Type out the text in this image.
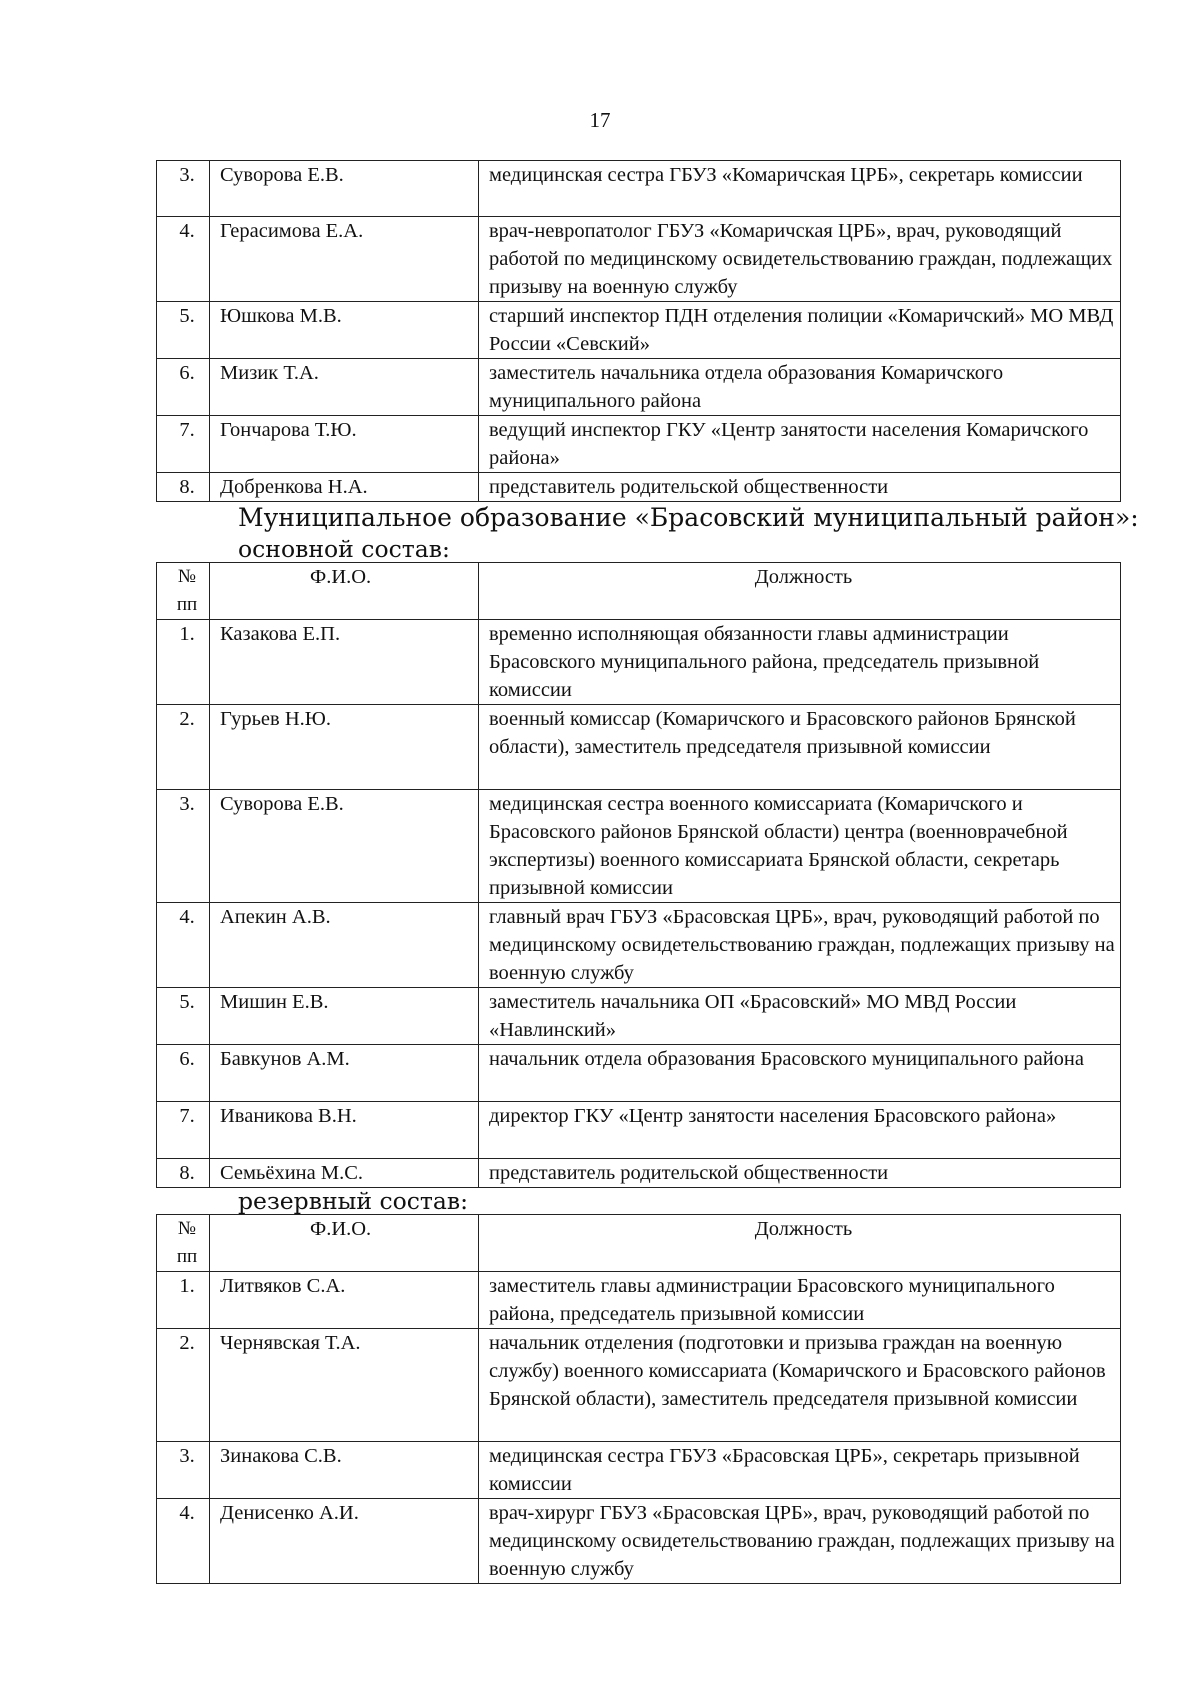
17
3.	Суворова Е.В.	медицинская сестра ГБУЗ «Комаричская ЦРБ», секретарь комиссии
4.	Герасимова Е.А.	врач-невропатолог ГБУЗ «Комаричская ЦРБ», врач, руководящий работой по медицинскому освидетельствованию граждан, подлежащих призыву на военную службу
5.	Юшкова М.В.	старший инспектор ПДН отделения полиции «Комаричский» МО МВД России «Севский»
6.	Мизик Т.А.	заместитель начальника отдела образования Комаричского муниципального района
7.	Гончарова Т.Ю.	ведущий инспектор ГКУ «Центр занятости населения Комаричского района»
8.	Добренкова Н.А.	представитель родительской общественности
Муниципальное образование «Брасовский муниципальный район»:
основной состав:
№
пп	Ф.И.О.	Должность
1.	Казакова Е.П.	временно исполняющая обязанности главы администрации Брасовского муниципального района, председатель призывной комиссии
2.	Гурьев Н.Ю.	военный комиссар (Комаричского и Брасовского районов Брянской области), заместитель председателя призывной комиссии
3.	Суворова Е.В.	медицинская сестра военного комиссариата (Комаричского и Брасовского районов Брянской области) центра (военноврачебной экспертизы) военного комиссариата Брянской области, секретарь призывной комиссии
4.	Апекин А.В.	главный врач ГБУЗ «Брасовская ЦРБ», врач, руководящий работой по медицинскому освидетельствованию граждан, подлежащих призыву на военную службу
5.	Мишин Е.В.	заместитель начальника ОП «Брасовский» МО МВД России «Навлинский»
6.	Бавкунов А.М.	начальник отдела образования Брасовского муниципального района
7.	Иваникова В.Н.	директор ГКУ «Центр занятости населения Брасовского района»
8.	Семьёхина М.С.	представитель родительской общественности
резервный состав:
№
пп	Ф.И.О.	Должность
1.	Литвяков С.А.	заместитель главы администрации Брасовского муниципального района, председатель призывной комиссии
2.	Чернявская Т.А.	начальник отделения (подготовки и призыва граждан на военную службу) военного комиссариата (Комаричского и Брасовского районов Брянской области), заместитель председателя призывной комиссии
3.	Зинакова С.В.	медицинская сестра ГБУЗ «Брасовская ЦРБ», секретарь призывной комиссии
4.	Денисенко А.И.	врач-хирург ГБУЗ «Брасовская ЦРБ», врач, руководящий работой по медицинскому освидетельствованию граждан, подлежащих призыву на военную службу
